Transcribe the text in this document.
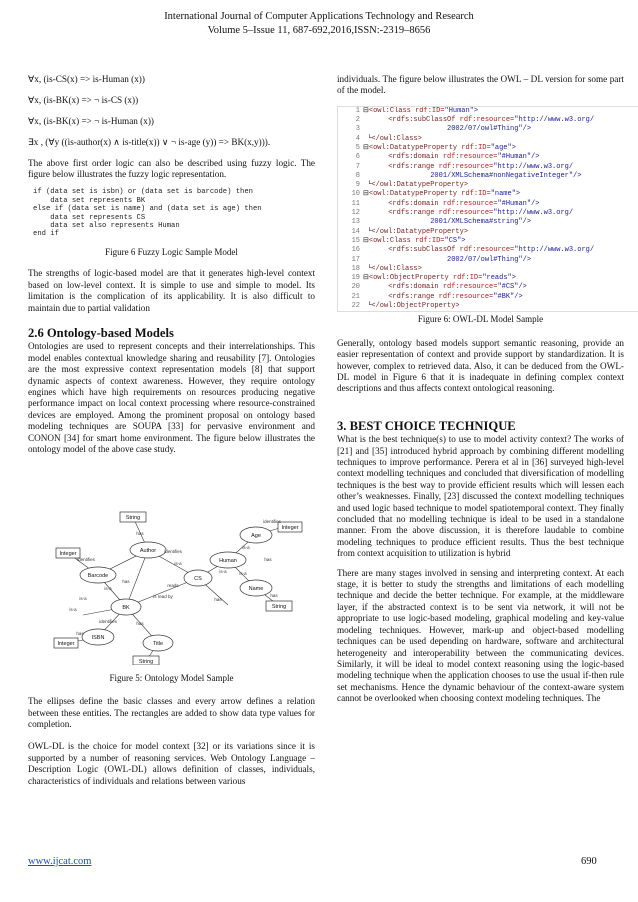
International Journal of Computer Applications Technology and Research
Volume 5–Issue 11, 687-692,2016,ISSN:-2319–8656

∀x, (is-CS(x) => is-Human (x))

∀x, (is-BK(x) => ¬ is-CS (x))

∀x, (is-BK(x) => ¬ is-Human (x))

∃x , (∀y ((is-author(x) ∧ is-title(x)) ∨ ¬ is-age (y)) => BK(x,y))).

The above first order logic can also be described using fuzzy logic. The figure below illustrates the fuzzy logic representation.

if (data set is isbn) or (data set is barcode) then
data set represents BK
else if (data set is name) and (data set is age) then
data set represents CS
data set also represents Human
end if

Figure 6 Fuzzy Logic Sample Model

The strengths of logic-based model are that it generates high-level context based on low-level context. It is simple to use and simple to model. Its limitation is the complication of its applicability. It is also difficult to maintain due to partial validation

2.6 Ontology-based Models

Ontologies are used to represent concepts and their interrelationships. This model enables contextual knowledge sharing and reusability [7]. Ontologies are the most expressive context representation models [8] that support dynamic aspects of context awareness. However, they require ontology engines which have high requirements on resources producing negative performance impact on local context processing where resource-constrained devices are employed. Among the prominent proposal on ontology based modeling techniques are SOUPA [33] for pervasive environment and CONON [34] for smart home environment. The figure below illustrates the ontology model of the above case study.

Age
String
Integer
Barcode
Author
Human
Integer
BK
CS
Name
ISBN
Integer
String
Title
String
identifies
is-a
has
is-a
identifies
has
is-a
identifies
reads
has
is-a
is read by
has
is-a
has
has
is-a
is-a
identifies
has

Figure 5: Ontology Model Sample

The ellipses define the basic classes and every arrow defines a relation between these entities. The rectangles are added to show data type values for completion.

OWL-DL is the choice for model context [32] or its variations since it is supported by a number of reasoning services. Web Ontology Language – Description Logic (OWL-DL) allows definition of classes, individuals, characteristics of individuals and relations between various

individuals. The figure below illustrates the OWL – DL version for some part of the model.

1 ⊟<owl:Class rdf:ID="Human">
2	<rdfs:subClassOf rdf:resource="http://www.w3.org/
3	2002/07/owl#Thing"/>
4 └</owl:Class>
5 ⊟<owl:DatatypeProperty rdf:ID="age">
6	<rdfs:domain rdf:resource="#Human"/>
7	<rdfs:range rdf:resource="http://www.w3.org/
8	2001/XMLSchema#nonNegativeInteger"/>
9 └</owl:DatatypeProperty>
10 ⊟<owl:DatatypeProperty rdf:ID="name">
11	<rdfs:domain rdf:resource="#Human"/>
12	<rdfs:range rdf:resource="http://www.w3.org/
13	2001/XMLSchema#string"/>
14 └</owl:DatatypeProperty>
15 ⊟<owl:Class rdf:ID="CS">
16	<rdfs:subClassOf rdf:resource="http://www.w3.org/
17	2002/07/owl#Thing"/>
18 └</owl:Class>
19 ⊟<owl:ObjectProperty rdf:ID="reads">
20	<rdfs:domain rdf:resource="#CS"/>
21	<rdfs:range rdf:resource="#BK"/>
22 └</owl:ObjectProperty>

Figure 6: OWL-DL Model Sample

Generally, ontology based models support semantic reasoning, provide an easier representation of context and provide support by standardization. It is however, complex to retrieved data. Also, it can be deduced from the OWL-DL model in Figure 6 that it is inadequate in defining complex context descriptions and thus affects context ontological reasoning.

3. BEST CHOICE TECHNIQUE

What is the best technique(s) to use to model activity context? The works of [21] and [35] introduced hybrid approach by combining different modelling techniques to improve performance. Perera et al in [36] surveyed high-level context modelling techniques and concluded that diversification of modelling techniques is the best way to provide efficient results which will lessen each other’s weaknesses. Finally, [23] discussed the context modelling techniques and used logic based technique to model spatiotemporal context. They finally concluded that no modelling technique is ideal to be used in a standalone manner. From the above discussion, it is therefore laudable to combine modeling techniques to produce efficient results. Thus the best technique from context acquisition to utilization is hybrid

There are many stages involved in sensing and interpreting context. At each stage, it is better to study the strengths and limitations of each modelling technique and decide the better technique. For example, at the middleware layer, if the abstracted context is to be sent via network, it will not be appropriate to use logic-based modeling, graphical modeling and key-value modeling techniques. However, mark-up and object-based modelling techniques can be used depending on hardware, software and architectural heterogeneity and interoperability between the communicating devices. Similarly, it will be ideal to model context reasoning using the logic-based modeling technique when the application chooses to use the usual if-then rule set mechanisms. Hence the dynamic behaviour of the context-aware system cannot be overlooked when choosing context modeling techniques. The

www.ijcat.com	690
